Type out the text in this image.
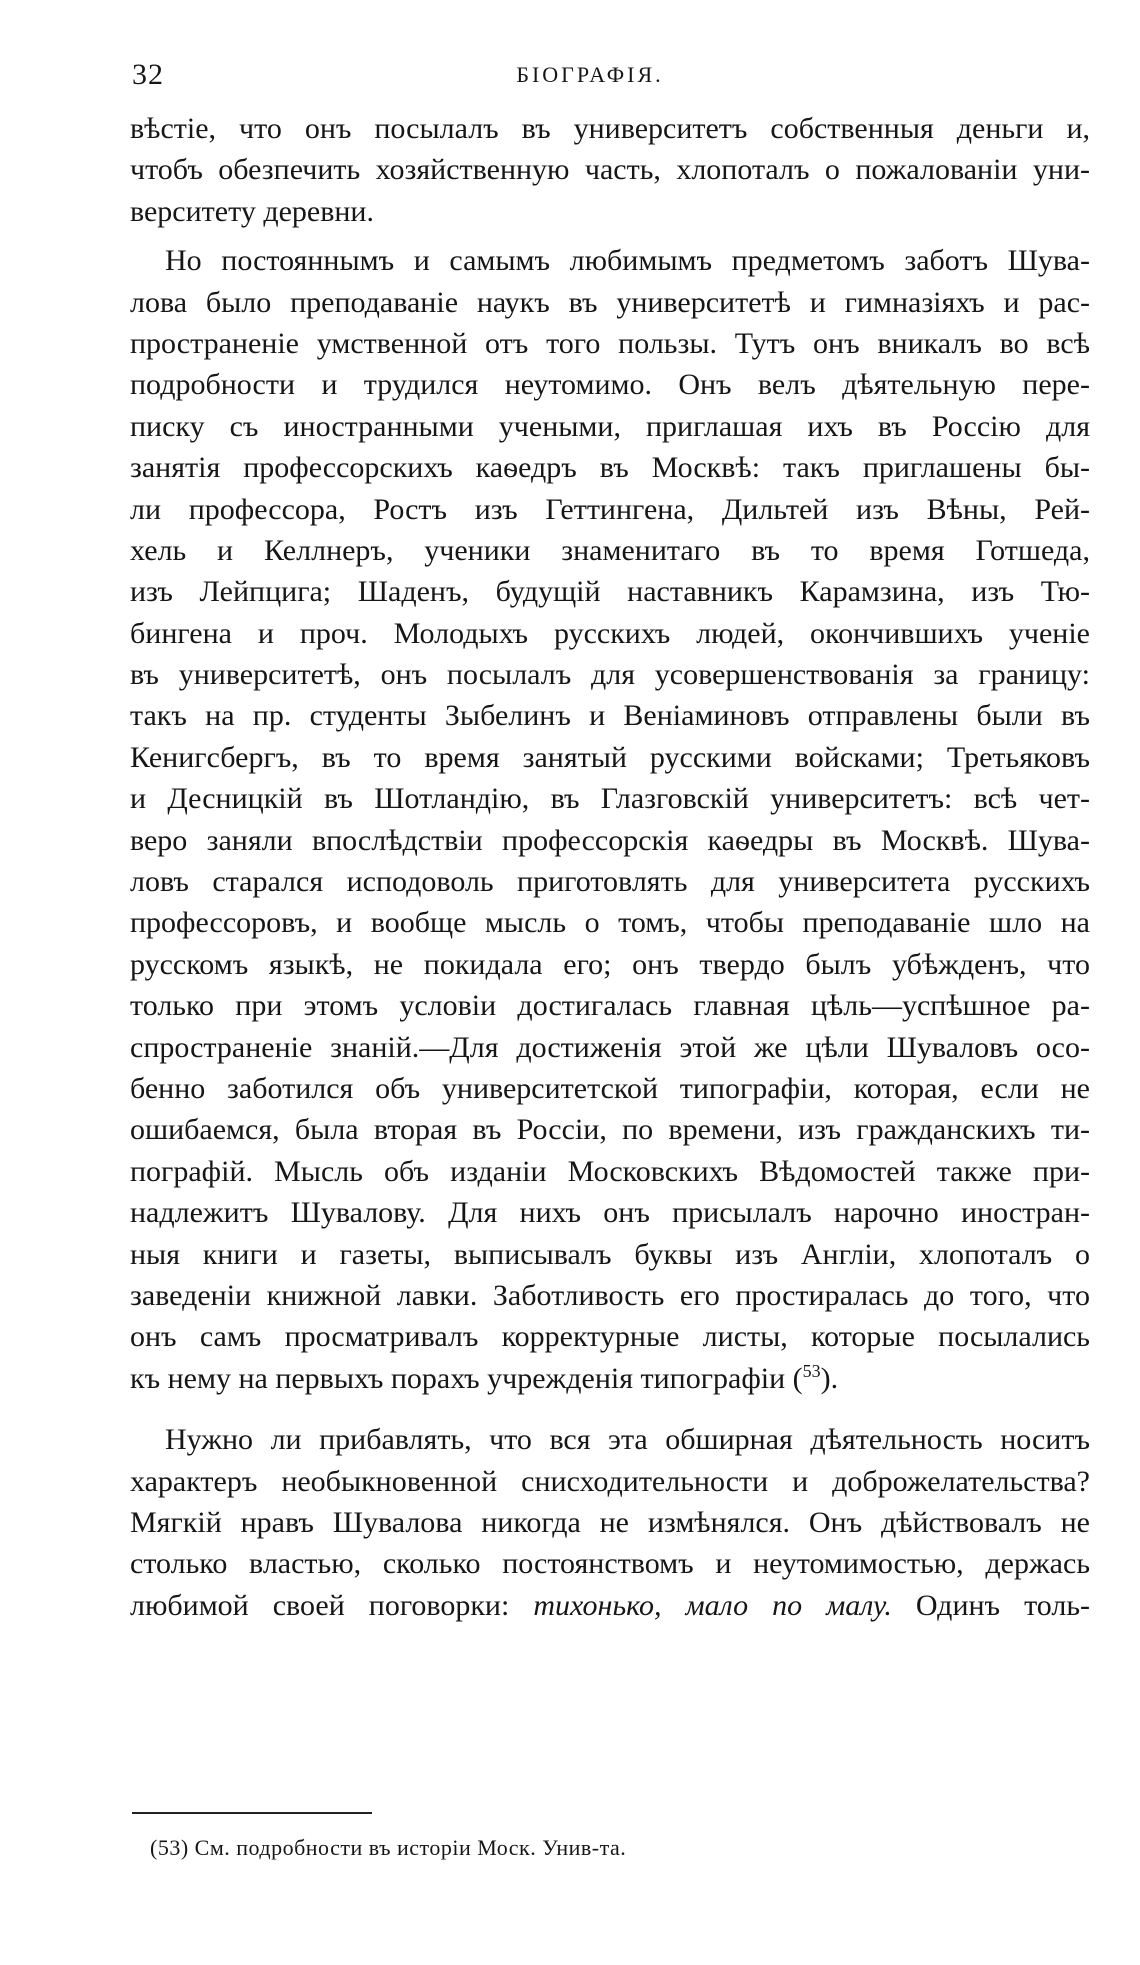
32	БІОГРАФІЯ.
вѣстіе, что онъ посылалъ въ университетъ собственныя деньги и,
чтобъ обезпечить хозяйственную часть, хлопоталъ о пожалованіи уни-
верситету деревни.
Но постояннымъ и самымъ любимымъ предметомъ заботъ Шува-
лова было преподаваніе наукъ въ университетѣ и гимназіяхъ и рас-
пространеніе умственной отъ того пользы. Тутъ онъ вникалъ во всѣ
подробности и трудился неутомимо. Онъ велъ дѣятельную пере-
писку съ иностранными учеными, приглашая ихъ въ Россію для
занятія профессорскихъ каѳедръ въ Москвѣ: такъ приглашены бы-
ли профессора, Ростъ изъ Геттингена, Дильтей изъ Вѣны, Рей-
хель и Келлнеръ, ученики знаменитаго въ то время Готшеда,
изъ Лейпцига; Шаденъ, будущій наставникъ Карамзина, изъ Тю-
бингена и проч. Молодыхъ русскихъ людей, окончившихъ ученіе
въ университетѣ, онъ посылалъ для усовершенствованія за границу:
такъ на пр. студенты Зыбелинъ и Веніаминовъ отправлены были въ
Кенигсбергъ, въ то время занятый русскими войсками; Третьяковъ
и Десницкій въ Шотландію, въ Глазговскій университетъ: всѣ чет-
веро заняли впослѣдствіи профессорскія каѳедры въ Москвѣ. Шува-
ловъ старался исподоволь приготовлять для университета русскихъ
профессоровъ, и вообще мысль о томъ, чтобы преподаваніе шло на
русскомъ языкѣ, не покидала его; онъ твердо былъ убѣжденъ, что
только при этомъ условіи достигалась главная цѣль—успѣшное ра-
спространеніе знаній.—Для достиженія этой же цѣли Шуваловъ осо-
бенно заботился объ университетской типографіи, которая, если не
ошибаемся, была вторая въ Россіи, по времени, изъ гражданскихъ ти-
пографій. Мысль объ изданіи Московскихъ Вѣдомостей также при-
надлежитъ Шувалову. Для нихъ онъ присылалъ нарочно иностран-
ныя книги и газеты, выписывалъ буквы изъ Англіи, хлопоталъ о
заведеніи книжной лавки. Заботливость его простиралась до того, что
онъ самъ просматривалъ корректурные листы, которые посылались
къ нему на первыхъ порахъ учрежденія типографіи ($^{53}$).
Нужно ли прибавлять, что вся эта обширная дѣятельность носитъ
характеръ необыкновенной снисходительности и доброжелательства?
Мягкій нравъ Шувалова никогда не измѣнялся. Онъ дѣйствовалъ не
столько властью, сколько постоянствомъ и неутомимостью, держась
любимой своей поговорки: тихонько, мало по малу. Одинъ толь-
(53) См. подробности въ исторіи Моск. Унив-та.
